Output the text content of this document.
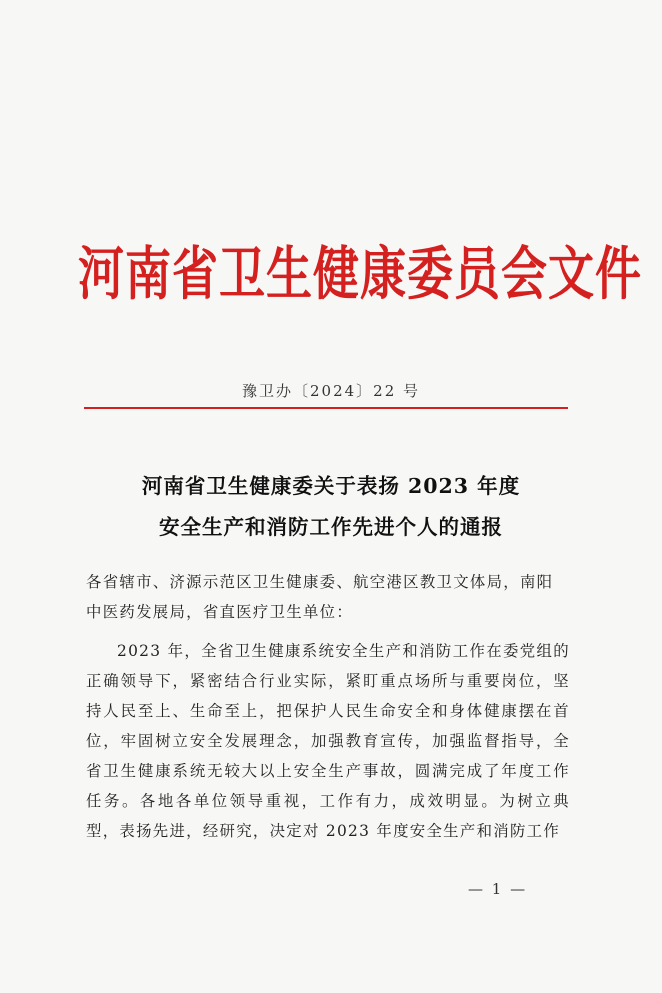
河南省卫生健康委员会文件
豫卫办〔2024〕22 号
河南省卫生健康委关于表扬 2023 年度
安全生产和消防工作先进个人的通报
各省辖市、济源示范区卫生健康委、航空港区教卫文体局，南阳中医药发展局，省直医疗卫生单位：
2023 年，全省卫生健康系统安全生产和消防工作在委党组的正确领导下，紧密结合行业实际，紧盯重点场所与重要岗位，坚持人民至上、生命至上，把保护人民生命安全和身体健康摆在首位，牢固树立安全发展理念，加强教育宣传，加强监督指导，全省卫生健康系统无较大以上安全生产事故，圆满完成了年度工作任务。各地各单位领导重视，工作有力，成效明显。为树立典型，表扬先进，经研究，决定对 2023 年度安全生产和消防工作
— 1 —
